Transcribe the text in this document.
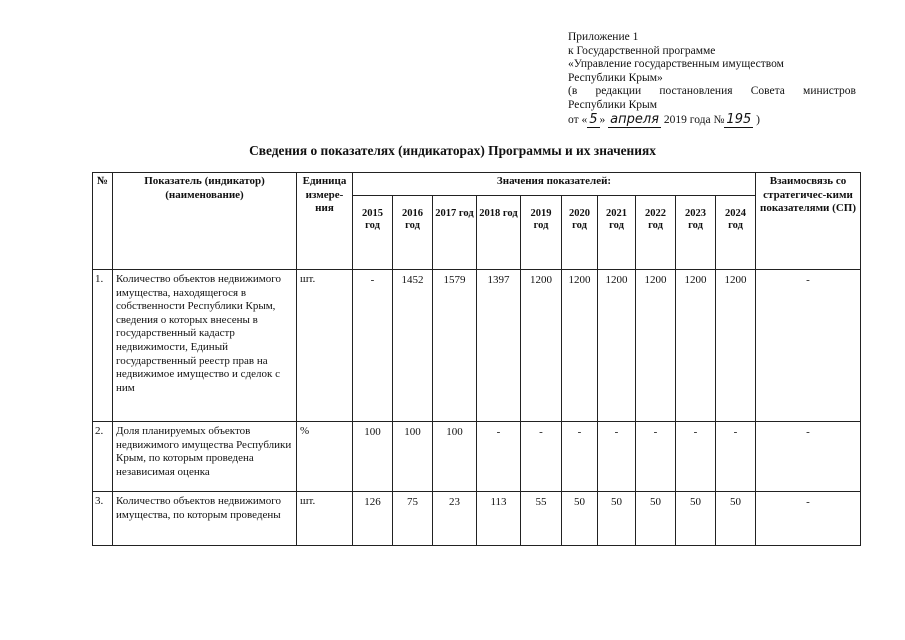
Приложение 1
к Государственной программе
«Управление государственным имуществом
Республики Крым»
(в редакции постановления Совета министров
Республики Крым
от « 5 » апреля 2019 года № 195 )
Сведения о показателях (индикаторах) Программы и их значениях
№	Показатель (индикатор) (наименование)	Единица измере-ния	Значения показателей:										Взаимосвязь со стратегичес-кими показателями (СП)
			2015 год	2016 год	2017 год	2018 год	2019 год	2020 год	2021 год	2022 год	2023 год	2024 год	
1.	Количество объектов недвижимого имущества, находящегося в собственности Республики Крым, сведения о которых внесены в государственный кадастр недвижимости, Единый государственный реестр прав на недвижимое имущество и сделок с ним	шт.	-	1452	1579	1397	1200	1200	1200	1200	1200	1200	-
2.	Доля планируемых объектов недвижимого имущества Республики Крым, по которым проведена независимая оценка	%	100	100	100	-	-	-	-	-	-	-	-
3.	Количество объектов недвижимого имущества, по которым проведены	шт.	126	75	23	113	55	50	50	50	50	50	-
